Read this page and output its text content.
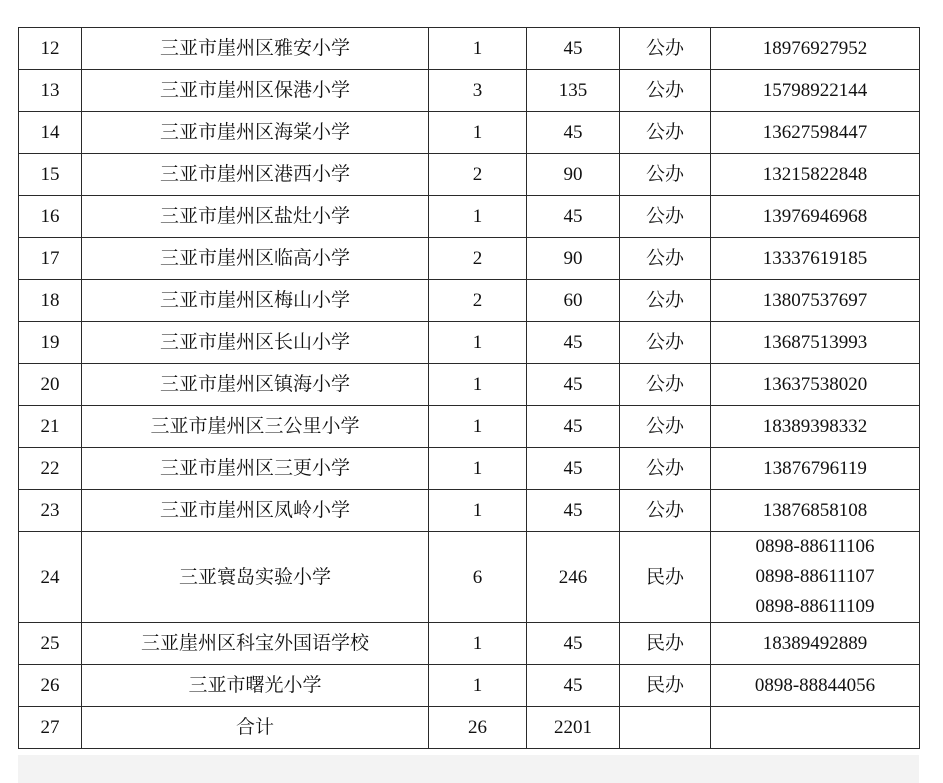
12	三亚市崖州区雅安小学	1	45	公办	18976927952

13	三亚市崖州区保港小学	3	135	公办	15798922144

14	三亚市崖州区海棠小学	1	45	公办	13627598447

15	三亚市崖州区港西小学	2	90	公办	13215822848

16	三亚市崖州区盐灶小学	1	45	公办	13976946968

17	三亚市崖州区临高小学	2	90	公办	13337619185

18	三亚市崖州区梅山小学	2	60	公办	13807537697

19	三亚市崖州区长山小学	1	45	公办	13687513993

20	三亚市崖州区镇海小学	1	45	公办	13637538020

21	三亚市崖州区三公里小学	1	45	公办	18389398332

22	三亚市崖州区三更小学	1	45	公办	13876796119

23	三亚市崖州区凤岭小学	1	45	公办	13876858108

24	三亚寰岛实验小学	6	246	民办	0898-88611106
0898-88611107
0898-88611109

25	三亚崖州区科宝外国语学校	1	45	民办	18389492889

26	三亚市曙光小学	1	45	民办	0898-88844056

27	合计	26	2201		
